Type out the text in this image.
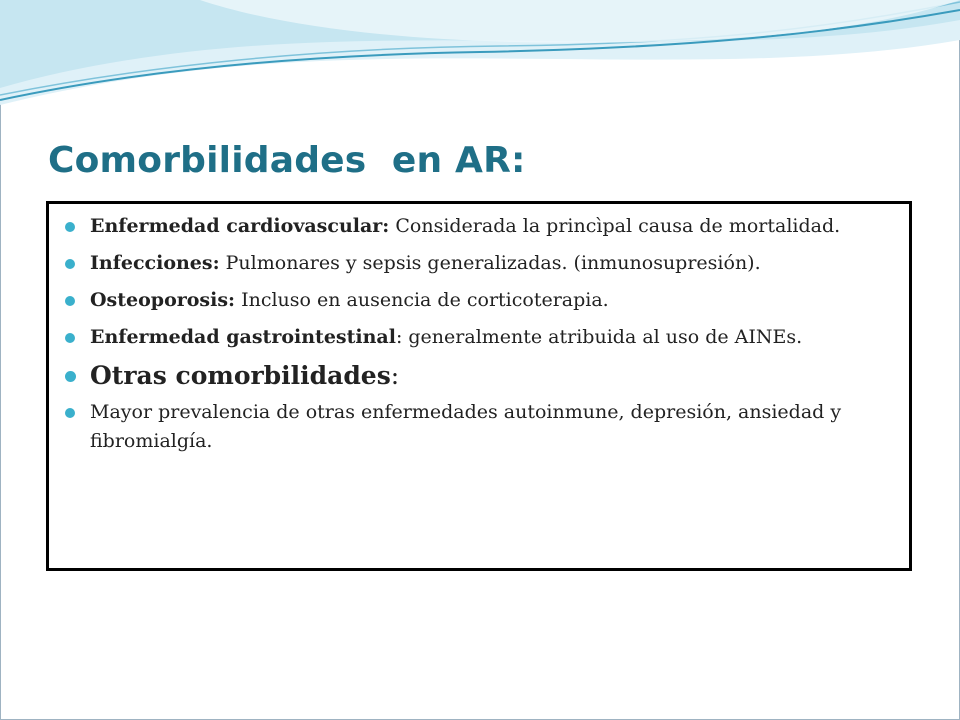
Comorbilidades  en AR:
Enfermedad cardiovascular: Considerada la princìpal causa de mortalidad.
Infecciones: Pulmonares y sepsis generalizadas. (inmunosupresión).
Osteoporosis: Incluso en ausencia de corticoterapia.
Enfermedad gastrointestinal: generalmente atribuida al uso de AINEs.
Otras comorbilidades:
Mayor prevalencia de otras enfermedades autoinmune, depresión, ansiedad y fibromialgía.
